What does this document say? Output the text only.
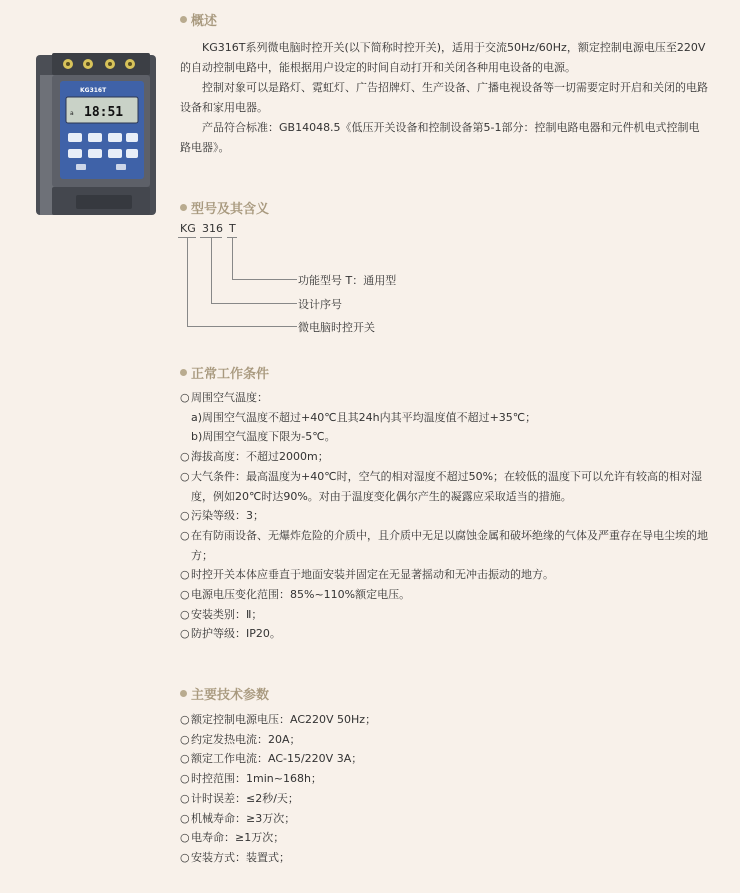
KG316T
a 18:51
概述

KG316T系列微电脑时控开关(以下简称时控开关)，适用于交流50Hz/60Hz，额定控制电源电压至220V的自动控制电路中，能根据用户设定的时间自动打开和关闭各种用电设备的电源。

控制对象可以是路灯、霓虹灯、广告招牌灯、生产设备、广播电视设备等一切需要定时开启和关闭的电路设备和家用电器。

产品符合标准：GB14048.5《低压开关设备和控制设备第5-1部分：控制电路电器和元件机电式控制电路电器》。

型号及其含义
KG 316 T
功能型号 T：通用型
设计序号
微电脑时控开关
正常工作条件
○周围空气温度：
a)周围空气温度不超过+40℃且其24h内其平均温度值不超过+35℃；
b)周围空气温度下限为-5℃。
○海拔高度：不超过2000m；
○大气条件：最高温度为+40℃时，空气的相对湿度不超过50%；在较低的温度下可以允许有较高的相对湿度，例如20℃时达90%。对由于温度变化偶尔产生的凝露应采取适当的措施。
○污染等级：3；
○在有防雨设备、无爆炸危险的介质中，且介质中无足以腐蚀金属和破坏绝缘的气体及严重存在导电尘埃的地方；
○时控开关本体应垂直于地面安装并固定在无显著摇动和无冲击振动的地方。
○电源电压变化范围：85%~110%额定电压。
○安装类别：Ⅱ；
○防护等级：IP20。
主要技术参数
○额定控制电源电压：AC220V 50Hz；
○约定发热电流：20A；
○额定工作电流：AC-15/220V 3A；
○时控范围：1min~168h；
○计时误差：≤2秒/天；
○机械寿命：≥3万次；
○电寿命：≥1万次；
○安装方式：装置式；
